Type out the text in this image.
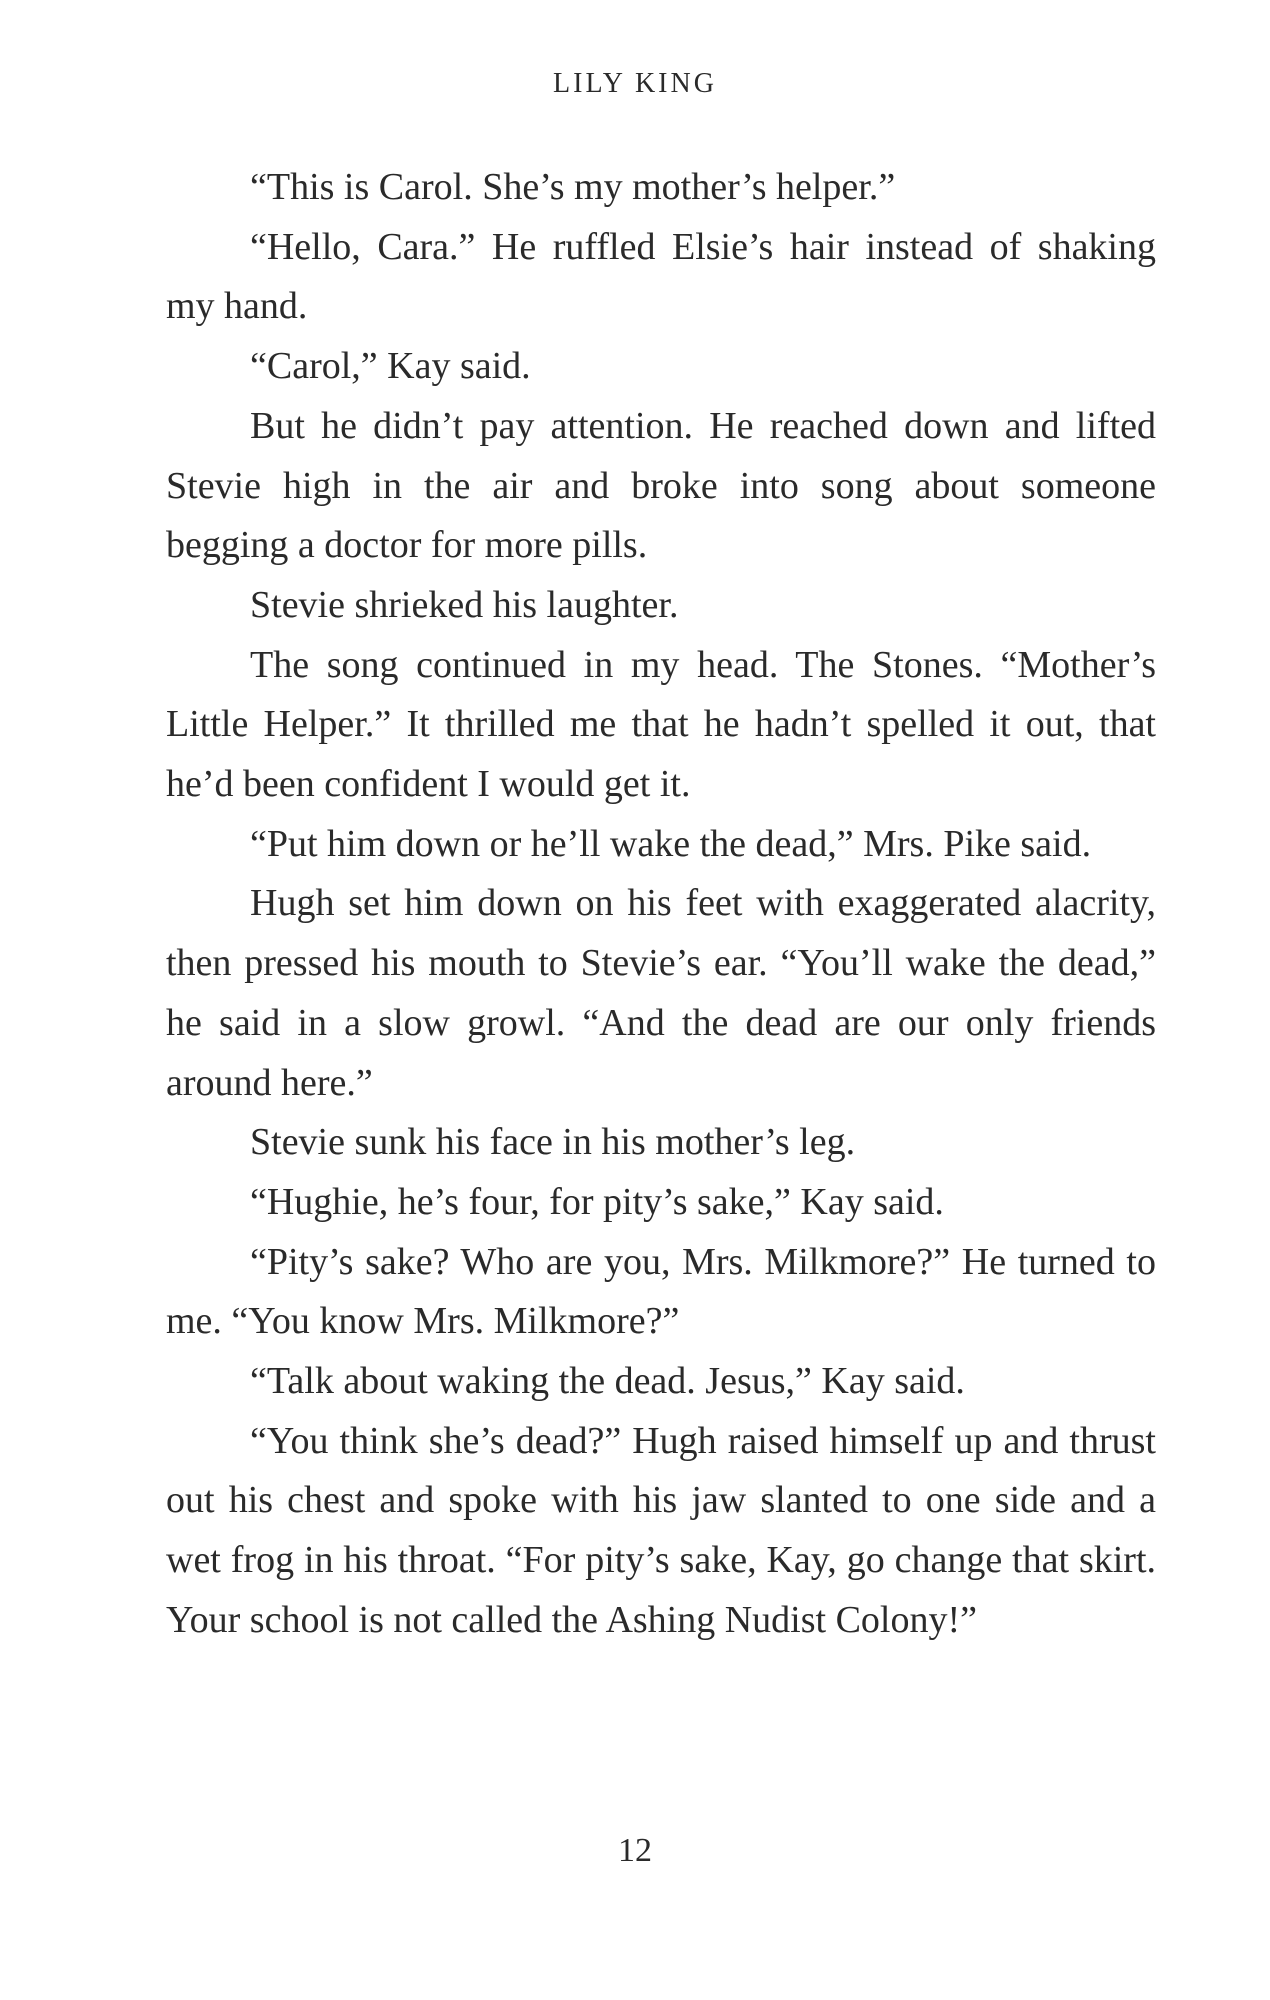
LILY KING

“This is Carol. She’s my mother’s helper.”

“Hello, Cara.” He ruffled Elsie’s hair instead of shaking my hand.

“Carol,” Kay said.

But he didn’t pay attention. He reached down and lifted Stevie high in the air and broke into song about someone begging a doctor for more pills.

Stevie shrieked his laughter.

The song continued in my head. The Stones. “Mother’s Little Helper.” It thrilled me that he hadn’t spelled it out, that he’d been confident I would get it.

“Put him down or he’ll wake the dead,” Mrs. Pike said.

Hugh set him down on his feet with exaggerated alacrity, then pressed his mouth to Stevie’s ear. “You’ll wake the dead,” he said in a slow growl. “And the dead are our only friends around here.”

Stevie sunk his face in his mother’s leg.

“Hughie, he’s four, for pity’s sake,” Kay said.

“Pity’s sake? Who are you, Mrs. Milkmore?” He turned to me. “You know Mrs. Milkmore?”

“Talk about waking the dead. Jesus,” Kay said.

“You think she’s dead?” Hugh raised himself up and thrust out his chest and spoke with his jaw slanted to one side and a wet frog in his throat. “For pity’s sake, Kay, go change that skirt. Your school is not called the Ashing Nudist Colony!”

12
